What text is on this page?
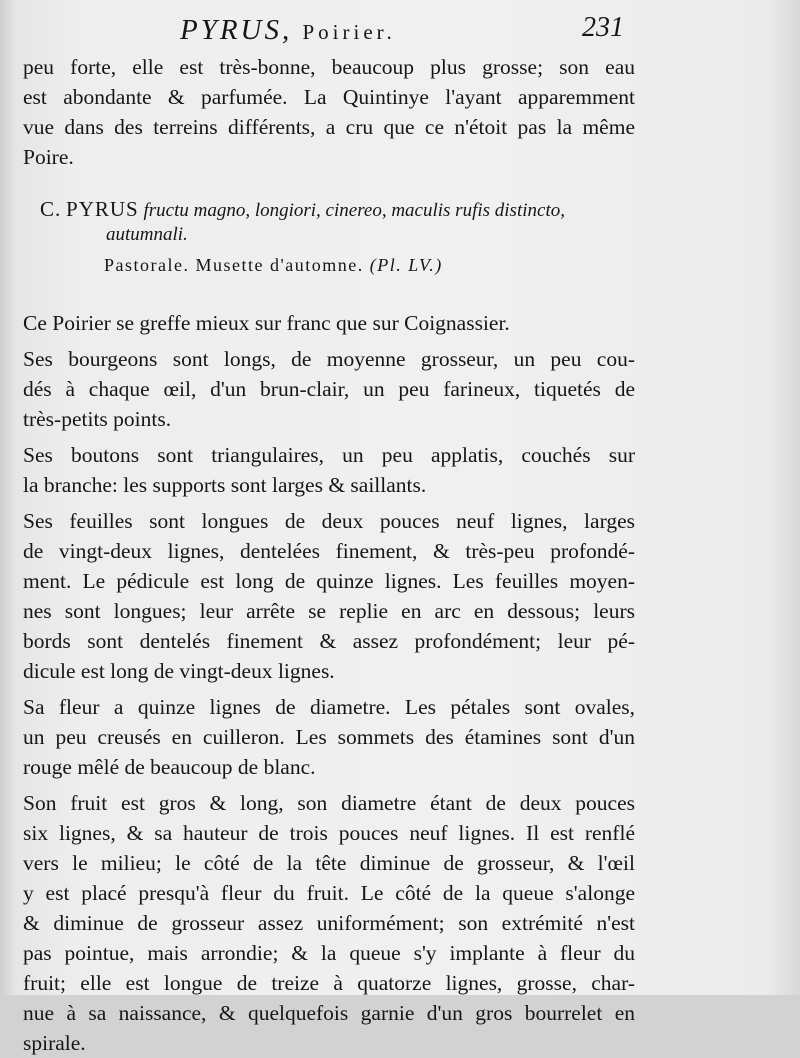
PYRUS, Poirier.	231
peu forte, elle est très-bonne, beaucoup plus grosse; son eau
est abondante & parfumée. La Quintinye l'ayant apparemment
vue dans des terreins différents, a cru que ce n'étoit pas la même
Poire.
C. PYRUS fructu magno, longiori, cinereo, maculis rufis distincto,
autumnali.
Pastorale. Musette d'automne. (Pl. LV.)
Ce Poirier se greffe mieux sur franc que sur Coignassier.
Ses bourgeons sont longs, de moyenne grosseur, un peu cou-
dés à chaque œil, d'un brun-clair, un peu farineux, tiquetés de
très-petits points.
Ses boutons sont triangulaires, un peu applatis, couchés sur
la branche: les supports sont larges & saillants.
Ses feuilles sont longues de deux pouces neuf lignes, larges
de vingt-deux lignes, dentelées finement, & très-peu profondé-
ment. Le pédicule est long de quinze lignes. Les feuilles moyen-
nes sont longues; leur arrête se replie en arc en dessous; leurs
bords sont dentelés finement & assez profondément; leur pé-
dicule est long de vingt-deux lignes.
Sa fleur a quinze lignes de diametre. Les pétales sont ovales,
un peu creusés en cuilleron. Les sommets des étamines sont d'un
rouge mêlé de beaucoup de blanc.
Son fruit est gros & long, son diametre étant de deux pouces
six lignes, & sa hauteur de trois pouces neuf lignes. Il est renflé
vers le milieu; le côté de la tête diminue de grosseur, & l'œil
y est placé presqu'à fleur du fruit. Le côté de la queue s'alonge
& diminue de grosseur assez uniformément; son extrémité n'est
pas pointue, mais arrondie; & la queue s'y implante à fleur du
fruit; elle est longue de treize à quatorze lignes, grosse, char-
nue à sa naissance, & quelquefois garnie d'un gros bourrelet en
spirale.
